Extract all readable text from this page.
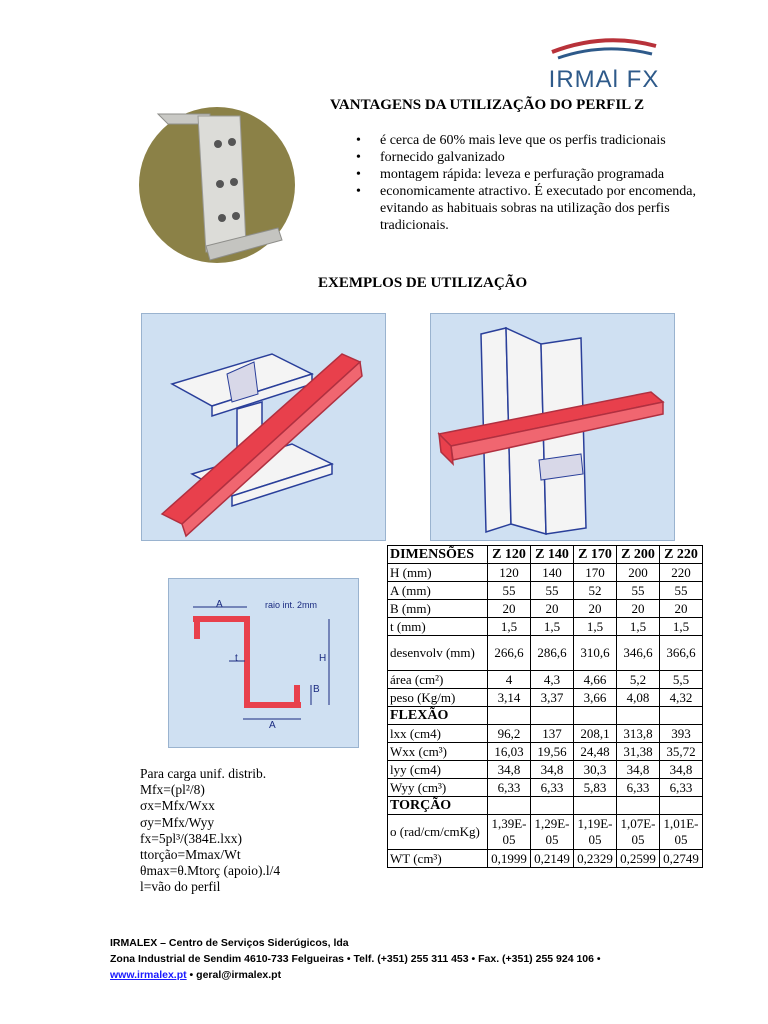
IRMAl FX
VANTAGENS DA UTILIZAÇÃO DO PERFIL Z
• é cerca de 60% mais leve que os perfis tradicionais
• fornecido galvanizado
• montagem rápida: leveza e perfuração programada
• economicamente atractivo. É executado por encomenda, evitando as habituais sobras na utilização dos perfis tradicionais.
EXEMPLOS DE UTILIZAÇÃO
A	raio int. 2mm
t	H
B
A
Para carga unif. distrib.
Mfx=(pl²/8)
σx=Mfx/Wxx
σy=Mfx/Wyy
fx=5pl³/(384E.lxx)
ttorção=Mmax/Wt
θmax=θ.Mtorç (apoio).l/4
l=vão do perfil
DIMENSÕES	Z 120	Z 140	Z 170	Z 200	Z 220
H (mm)	120	140	170	200	220
A (mm)	55	55	52	55	55
B (mm)	20	20	20	20	20
t (mm)	1,5	1,5	1,5	1,5	1,5
desenvolv (mm)	266,6	286,6	310,6	346,6	366,6
área (cm²)	4	4,3	4,66	5,2	5,5
peso (Kg/m)	3,14	3,37	3,66	4,08	4,32
FLEXÃO					
lxx (cm4)	96,2	137	208,1	313,8	393
Wxx (cm³)	16,03	19,56	24,48	31,38	35,72
lyy (cm4)	34,8	34,8	30,3	34,8	34,8
Wyy (cm³)	6,33	6,33	5,83	6,33	6,33
TORÇÃO					
o (rad/cm/cmKg)	1,39E-05	1,29E-05	1,19E-05	1,07E-05	1,01E-05
WT (cm³)	0,1999	0,2149	0,2329	0,2599	0,2749
IRMALEX – Centro de Serviços Siderúgicos, lda
Zona Industrial de Sendim 4610-733 Felgueiras • Telf. (+351) 255 311 453 • Fax. (+351) 255 924 106 •
www.irmalex.pt • geral@irmalex.pt
